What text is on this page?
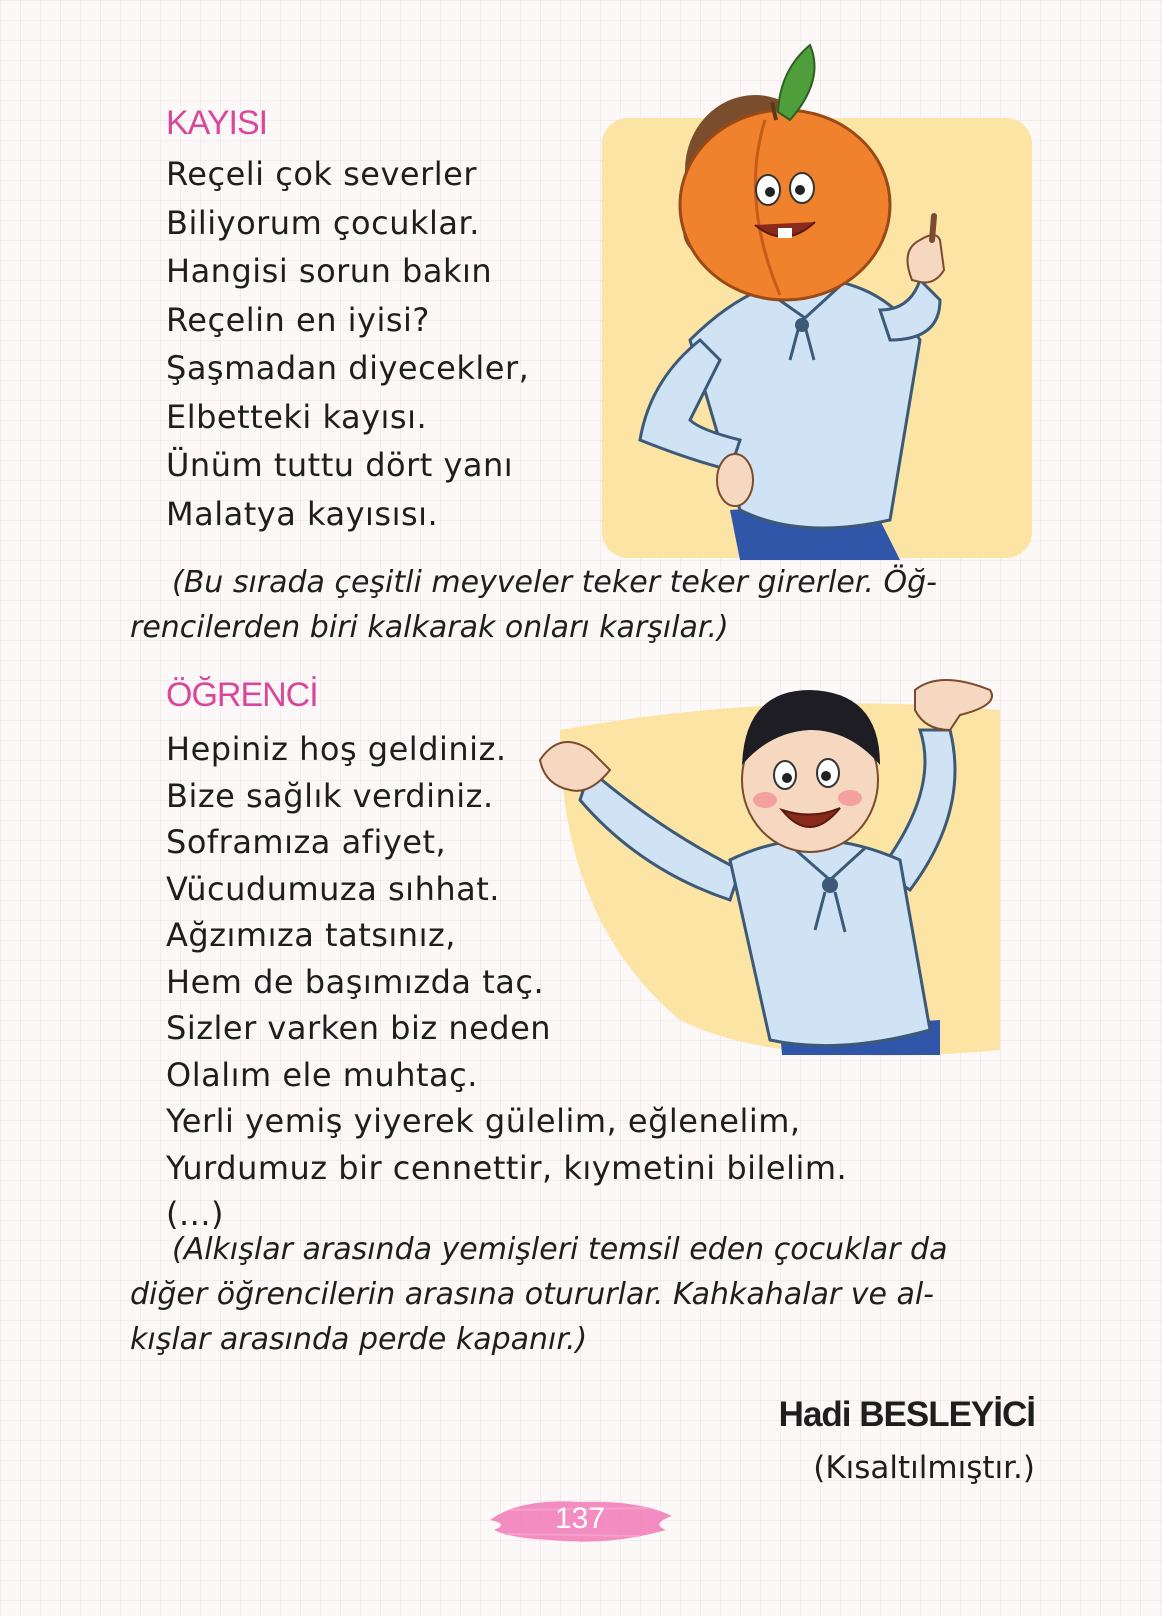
KAYISI
Reçeli çok severler
Biliyorum çocuklar.
Hangisi sorun bakın
Reçelin en iyisi?
Şaşmadan diyecekler,
Elbetteki kayısı.
Ünüm tuttu dört yanı
Malatya kayısısı.

(Bu sırada çeşitli meyveler teker teker girerler. Öğ-
rencilerden biri kalkarak onları karşılar.)

ÖĞRENCİ
Hepiniz hoş geldiniz.
Bize sağlık verdiniz.
Soframıza afiyet,
Vücudumuza sıhhat.
Ağzımıza tatsınız,
Hem de başımızda taç.
Sizler varken biz neden
Olalım ele muhtaç.
Yerli yemiş yiyerek gülelim, eğlenelim,
Yurdumuz bir cennettir, kıymetini bilelim.
(...)

(Alkışlar arasında yemişleri temsil eden çocuklar da
diğer öğrencilerin arasına otururlar. Kahkahalar ve al-
kışlar arasında perde kapanır.)

Hadi BESLEYİCİ
(Kısaltılmıştır.)
137
